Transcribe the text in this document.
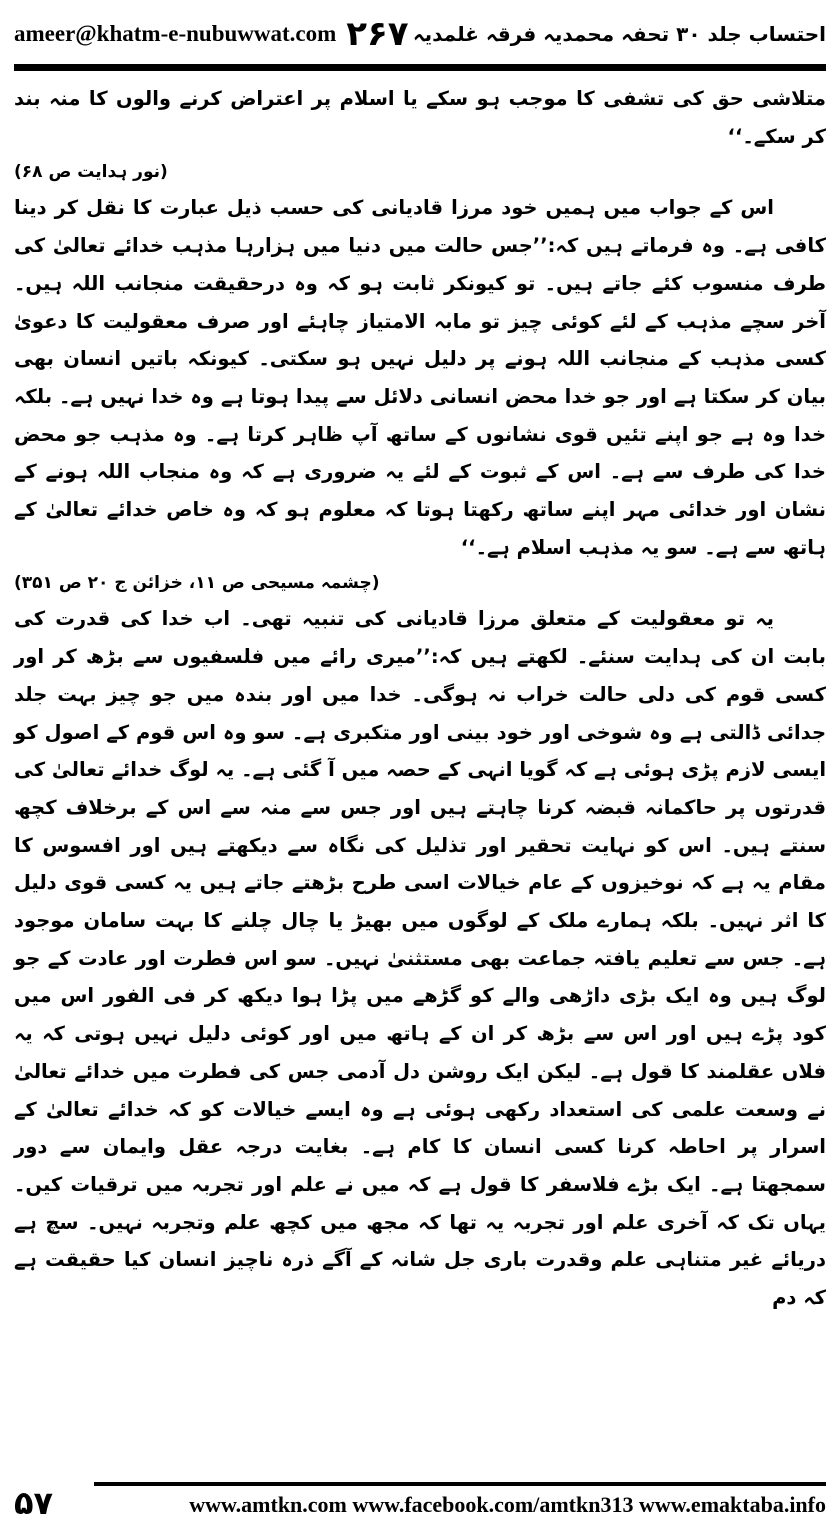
ameer@khatm-e-nubuwwat.com ۲۶۷ احتساب جلد ۳۰ تحفہ محمدیہ فرقہ غلمدیہ

متلاشی حق کی تشفی کا موجب ہو سکے یا اسلام پر اعتراض کرنے والوں کا منہ بند کر سکے۔‘‘

(نور ہدایت ص ۶۸)

اس کے جواب میں ہمیں خود مرزا قادیانی کی حسب ذیل عبارت کا نقل کر دینا کافی ہے۔ وہ فرماتے ہیں کہ:’’جس حالت میں دنیا میں ہزارہا مذہب خدائے تعالیٰ کی طرف منسوب کئے جاتے ہیں۔ تو کیونکر ثابت ہو کہ وہ درحقیقت منجانب اللہ ہیں۔ آخر سچے مذہب کے لئے کوئی چیز تو مابہ الامتیاز چاہئے اور صرف معقولیت کا دعویٰ کسی مذہب کے منجانب اللہ ہونے پر دلیل نہیں ہو سکتی۔ کیونکہ باتیں انسان بھی بیان کر سکتا ہے اور جو خدا محض انسانی دلائل سے پیدا ہوتا ہے وہ خدا نہیں ہے۔ بلکہ خدا وہ ہے جو اپنے تئیں قوی نشانوں کے ساتھ آپ ظاہر کرتا ہے۔ وہ مذہب جو محض خدا کی طرف سے ہے۔ اس کے ثبوت کے لئے یہ ضروری ہے کہ وہ منجاب اللہ ہونے کے نشان اور خدائی مہر اپنے ساتھ رکھتا ہوتا کہ معلوم ہو کہ وہ خاص خدائے تعالیٰ کے ہاتھ سے ہے۔ سو یہ مذہب اسلام ہے۔‘‘

(چشمہ مسیحی ص ۱۱، خزائن ج ۲۰ ص ۳۵۱)

یہ تو معقولیت کے متعلق مرزا قادیانی کی تنبیہ تھی۔ اب خدا کی قدرت کی بابت ان کی ہدایت سنئے۔ لکھتے ہیں کہ:’’میری رائے میں فلسفیوں سے بڑھ کر اور کسی قوم کی دلی حالت خراب نہ ہوگی۔ خدا میں اور بندہ میں جو چیز بہت جلد جدائی ڈالتی ہے وہ شوخی اور خود بینی اور متکبری ہے۔ سو وہ اس قوم کے اصول کو ایسی لازم پڑی ہوئی ہے کہ گویا انہی کے حصہ میں آ گئی ہے۔ یہ لوگ خدائے تعالیٰ کی قدرتوں پر حاکمانہ قبضہ کرنا چاہتے ہیں اور جس سے منہ سے اس کے برخلاف کچھ سنتے ہیں۔ اس کو نہایت تحقیر اور تذلیل کی نگاہ سے دیکھتے ہیں اور افسوس کا مقام یہ ہے کہ نوخیزوں کے عام خیالات اسی طرح بڑھتے جاتے ہیں یہ کسی قوی دلیل کا اثر نہیں۔ بلکہ ہمارے ملک کے لوگوں میں بھیڑ یا چال چلنے کا بہت سامان موجود ہے۔ جس سے تعلیم یافتہ جماعت بھی مستثنیٰ نہیں۔ سو اس فطرت اور عادت کے جو لوگ ہیں وہ ایک بڑی داڑھی والے کو گڑھے میں پڑا ہوا دیکھ کر فی الفور اس میں کود پڑے ہیں اور اس سے بڑھ کر ان کے ہاتھ میں اور کوئی دلیل نہیں ہوتی کہ یہ فلاں عقلمند کا قول ہے۔ لیکن ایک روشن دل آدمی جس کی فطرت میں خدائے تعالیٰ نے وسعت علمی کی استعداد رکھی ہوئی ہے وہ ایسے خیالات کو کہ خدائے تعالیٰ کے اسرار پر احاطہ کرنا کسی انسان کا کام ہے۔ بغایت درجہ عقل وایمان سے دور سمجھتا ہے۔ ایک بڑے فلاسفر کا قول ہے کہ میں نے علم اور تجربہ میں ترقیات کیں۔ یہاں تک کہ آخری علم اور تجربہ یہ تھا کہ مجھ میں کچھ علم وتجربہ نہیں۔ سچ ہے دریائے غیر متناہی علم وقدرت باری جل شانہ کے آگے ذرہ ناچیز انسان کیا حقیقت ہے کہ دم

۵۷	www.amtkn.com www.facebook.com/amtkn313 www.emaktaba.info
